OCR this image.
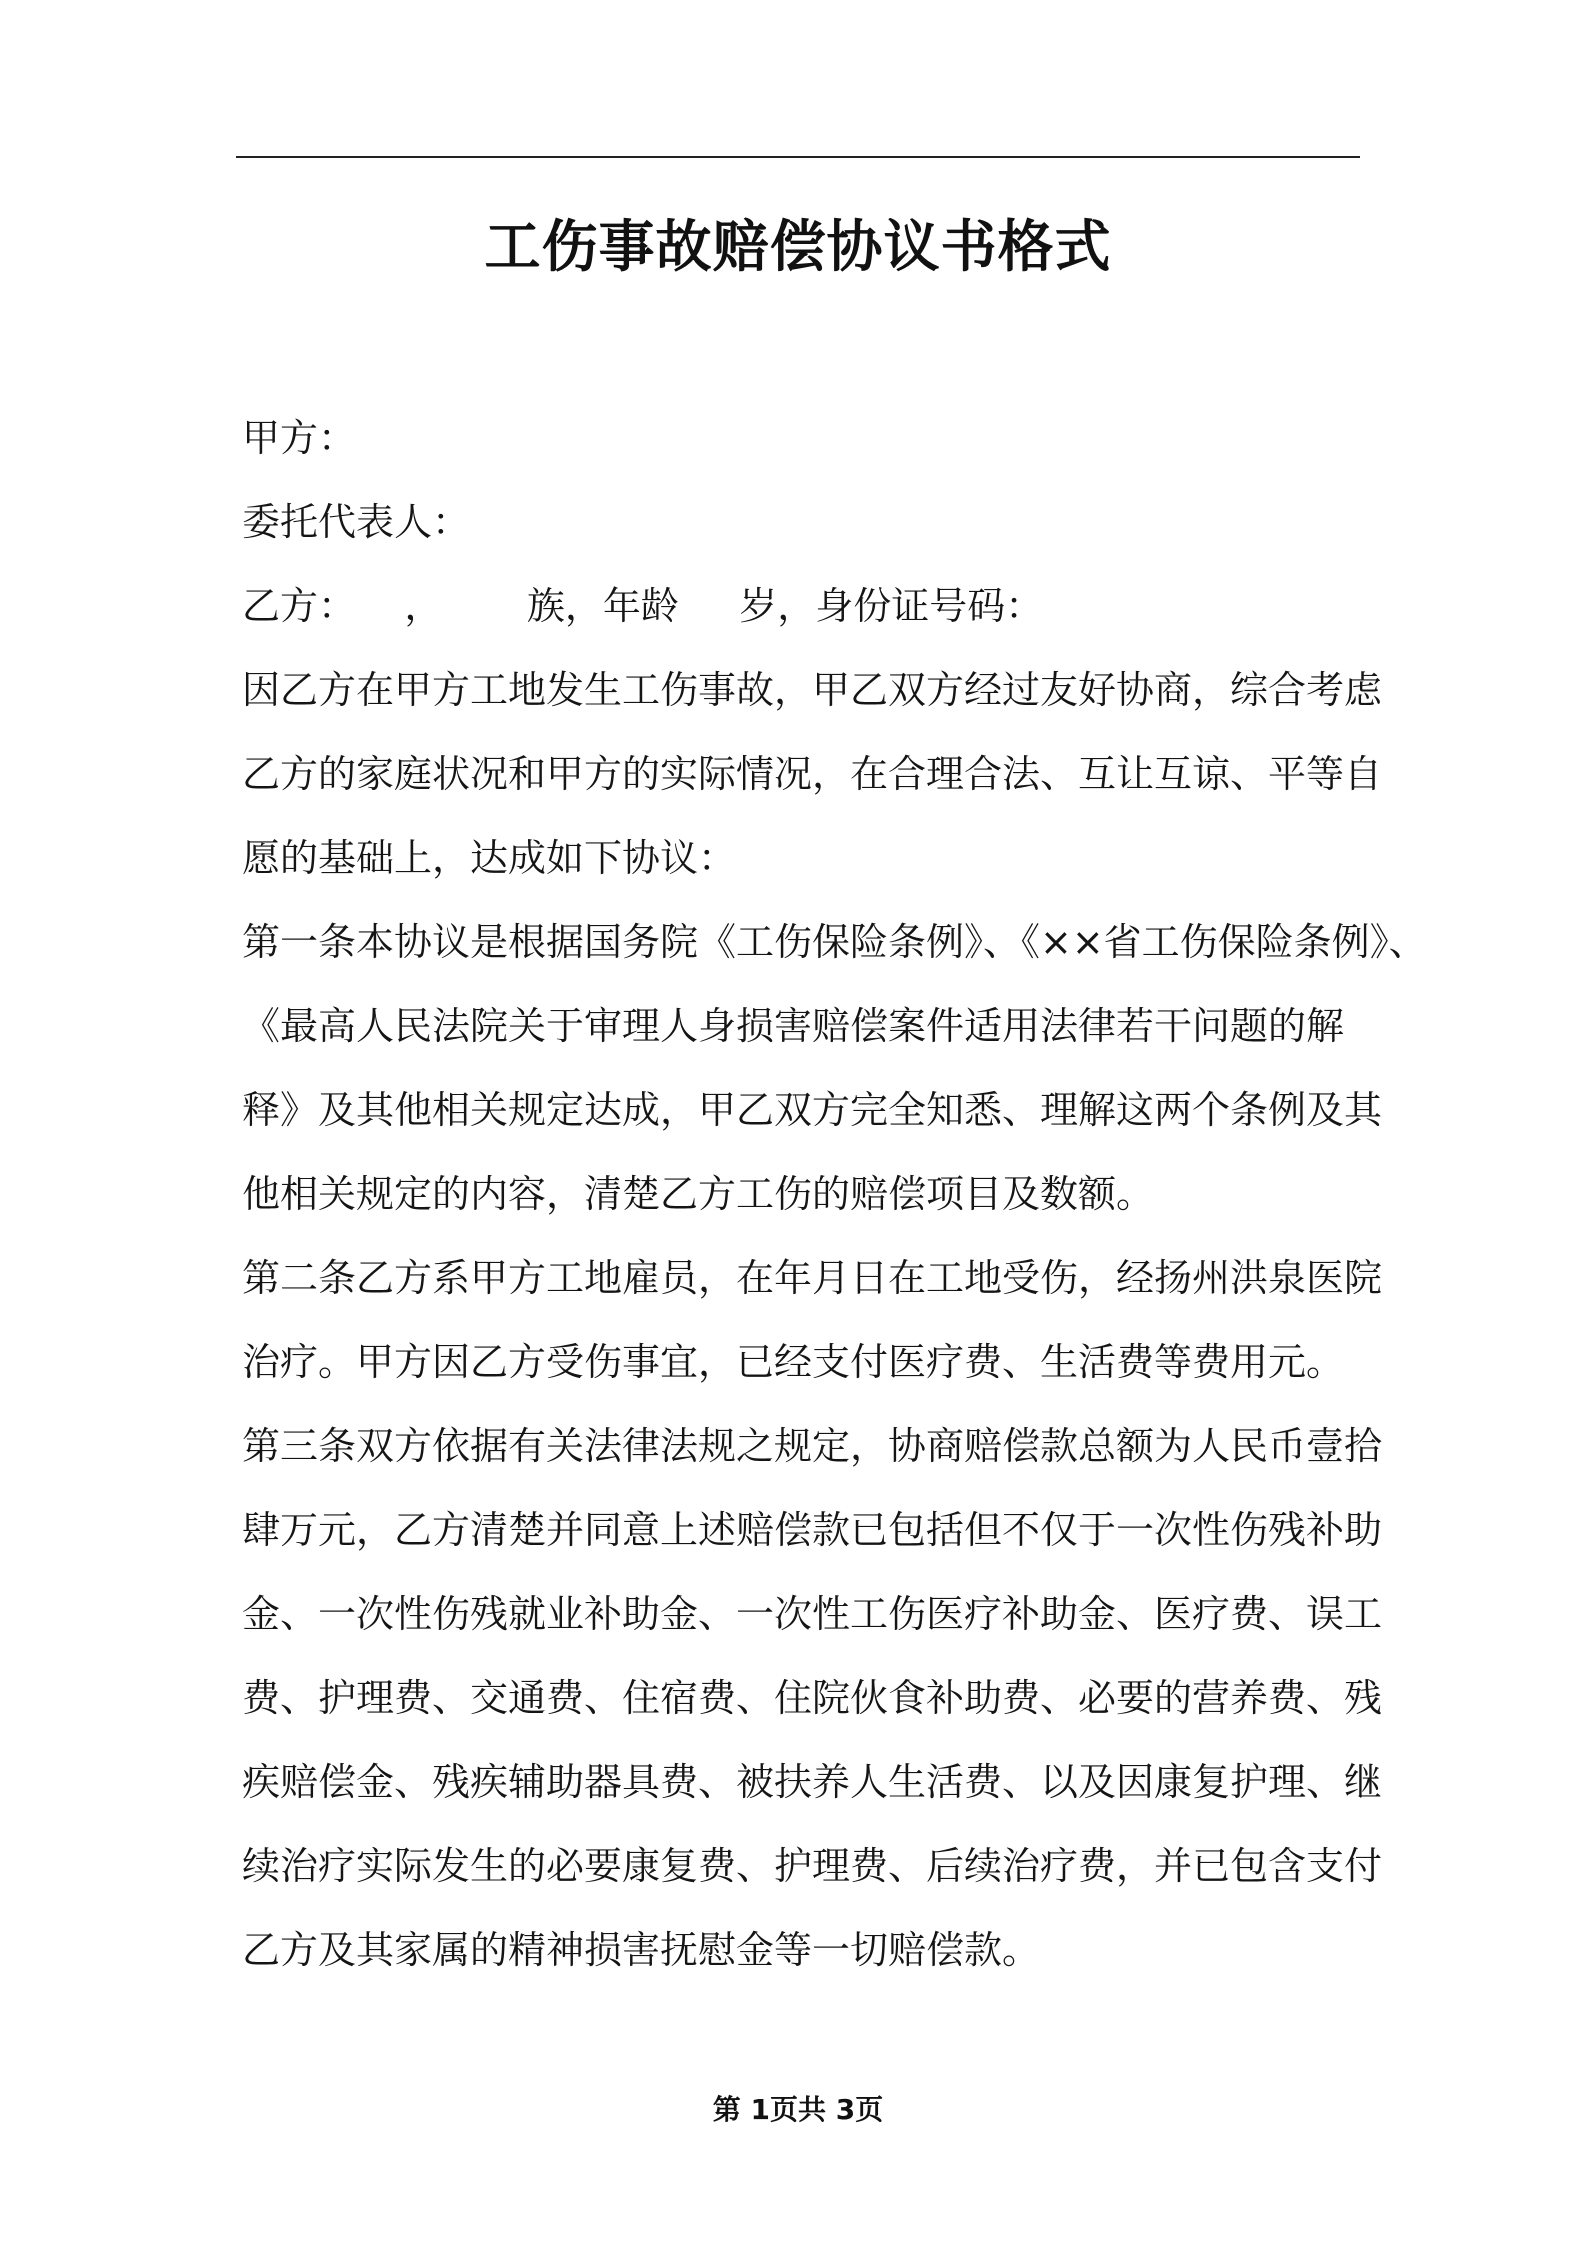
工伤事故赔偿协议书格式
甲方：
委托代表人：
乙方：    ，       族，年龄     岁，身份证号码：
因乙方在甲方工地发生工伤事故，甲乙双方经过友好协商，综合考虑
乙方的家庭状况和甲方的实际情况，在合理合法、互让互谅、平等自
愿的基础上，达成如下协议：
第一条本协议是根据国务院《工伤保险条例》、《××省工伤保险条例》、
《最高人民法院关于审理人身损害赔偿案件适用法律若干问题的解
释》及其他相关规定达成，甲乙双方完全知悉、理解这两个条例及其
他相关规定的内容，清楚乙方工伤的赔偿项目及数额。
第二条乙方系甲方工地雇员，在年月日在工地受伤，经扬州洪泉医院
治疗。甲方因乙方受伤事宜，已经支付医疗费、生活费等费用元。
第三条双方依据有关法律法规之规定，协商赔偿款总额为人民币壹拾
肆万元，乙方清楚并同意上述赔偿款已包括但不仅于一次性伤残补助
金、一次性伤残就业补助金、一次性工伤医疗补助金、医疗费、误工
费、护理费、交通费、住宿费、住院伙食补助费、必要的营养费、残
疾赔偿金、残疾辅助器具费、被扶养人生活费、以及因康复护理、继
续治疗实际发生的必要康复费、护理费、后续治疗费，并已包含支付
乙方及其家属的精神损害抚慰金等一切赔偿款。
第 1页共 3页
